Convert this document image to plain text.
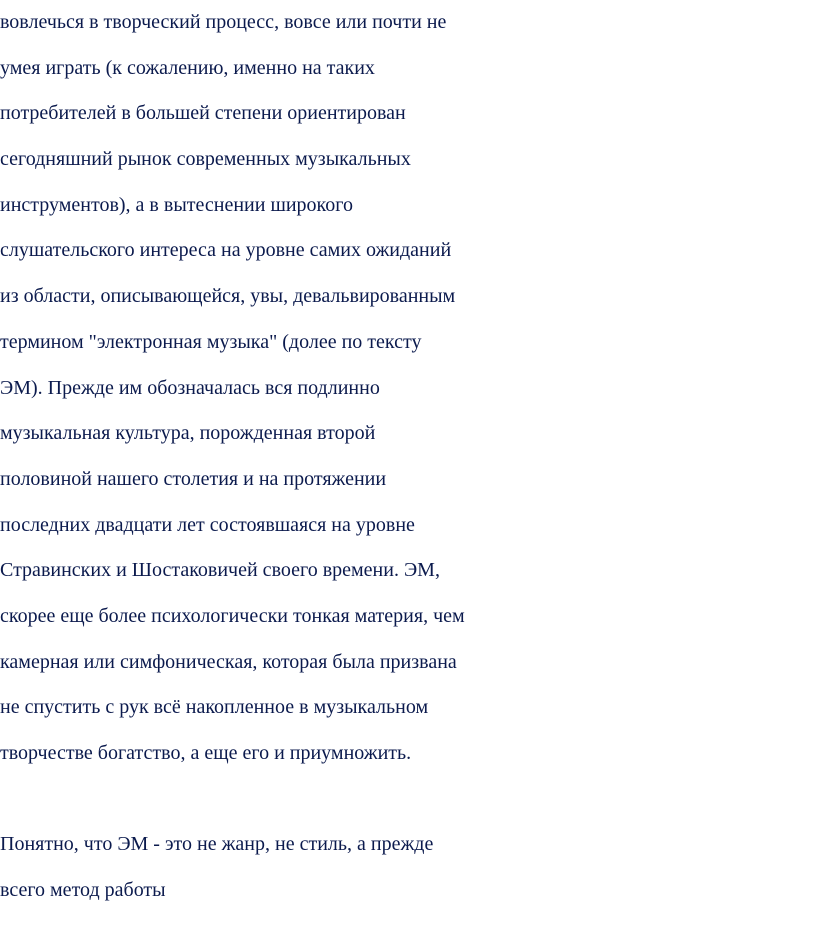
вовлечься в творческий процесс, вовсе или почти не
умея играть (к сожалению, именно на таких
потребителей в большей степени ориентирован
сегодняшний рынок современных музыкальных
инструментов), а в вытеснении широкого
слушательского интереса на уровне самих ожиданий
из области, описывающейся, увы, девальвированным
термином "электронная музыка" (долее по тексту
ЭМ). Прежде им обозначалась вся подлинно
музыкальная культура, порожденная второй
половиной нашего столетия и на протяжении
последних двадцати лет состоявшаяся на уровне
Стравинских и Шостаковичей своего времени. ЭМ,
скорее еще более психологически тонкая материя, чем
камерная или симфоническая, которая была призвана
не спустить с рук всё накопленное в музыкальном
творчестве богатство, а еще его и приумножить.
Понятно, что ЭМ - это не жанр, не стиль, а прежде
всего метод работы
